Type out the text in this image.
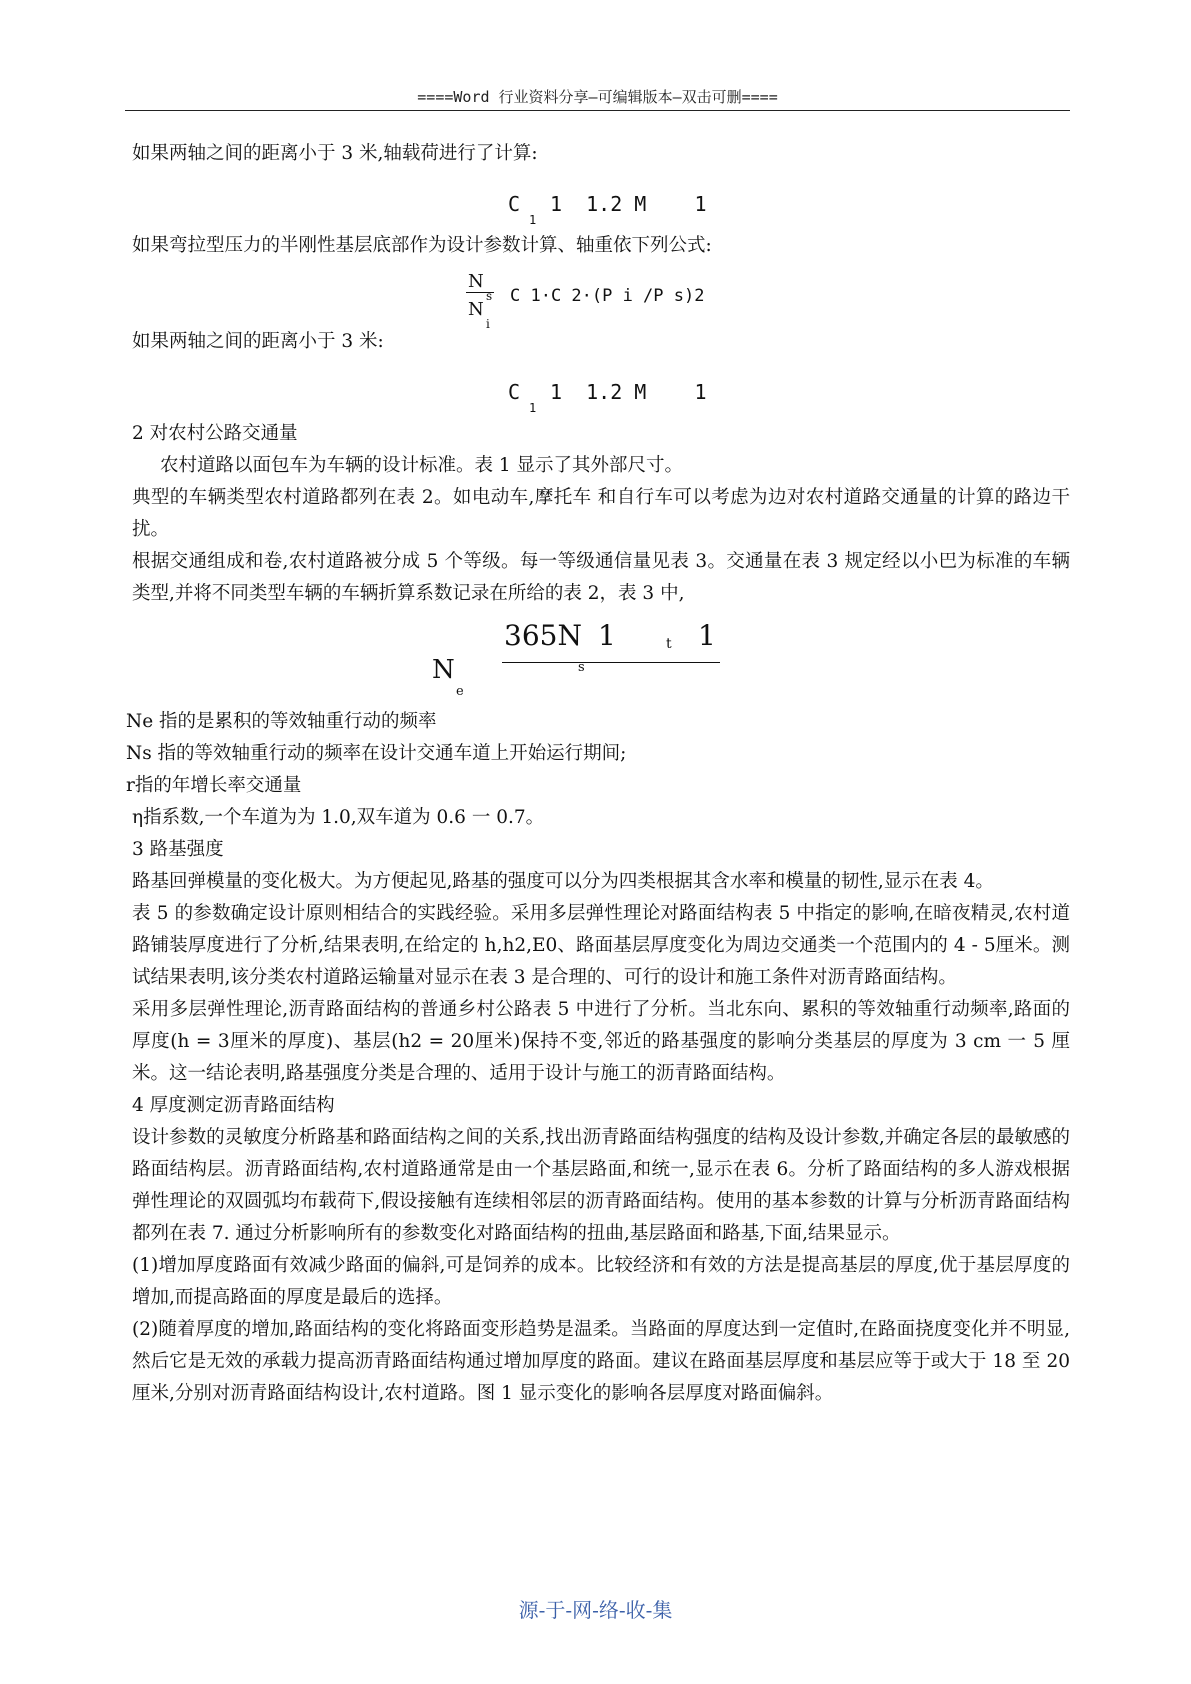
====Word 行业资料分享—可编辑版本—双击可删====

如果两轴之间的距离小于 3 米,轴载荷进行了计算:

C
1
1  1.2 M    1

如果弯拉型压力的半刚性基层底部作为设计参数计算、轴重依下列公式:

N
s
N
i
C 1·C 2·(P i /P s)2

如果两轴之间的距离小于 3 米:

C
1
1  1.2 M    1

2 对农村公路交通量

农村道路以面包车为车辆的设计标准。表 1 显示了其外部尺寸。

典型的车辆类型农村道路都列在表 2。如电动车,摩托车 和自行车可以考虑为边对农村道路交通量的计算的路边干扰。

根据交通组成和卷,农村道路被分成 5 个等级。每一等级通信量见表 3。交通量在表 3 规定经以小巴为标准的车辆类型,并将不同类型车辆的车辆折算系数记录在所给的表 2，表 3 中,

N
e
365N
s
1	t 1

Ne 指的是累积的等效轴重行动的频率

Ns 指的等效轴重行动的频率在设计交通车道上开始运行期间;

r指的年增长率交通量

η指系数,一个车道为为 1.0,双车道为 0.6 一 0.7。

3 路基强度

路基回弹模量的变化极大。为方便起见,路基的强度可以分为四类根据其含水率和模量的韧性,显示在表 4。

表 5 的参数确定设计原则相结合的实践经验。采用多层弹性理论对路面结构表 5 中指定的影响,在暗夜精灵,农村道路铺装厚度进行了分析,结果表明,在给定的 h,h2,E0、路面基层厚度变化为周边交通类一个范围内的 4 - 5厘米。测试结果表明,该分类农村道路运输量对显示在表 3 是合理的、可行的设计和施工条件对沥青路面结构。

采用多层弹性理论,沥青路面结构的普通乡村公路表 5 中进行了分析。当北东向、累积的等效轴重行动频率,路面的厚度(h = 3厘米的厚度)、基层(h2 = 20厘米)保持不变,邻近的路基强度的影响分类基层的厚度为 3 cm 一 5 厘米。这一结论表明,路基强度分类是合理的、适用于设计与施工的沥青路面结构。

4 厚度测定沥青路面结构

设计参数的灵敏度分析路基和路面结构之间的关系,找出沥青路面结构强度的结构及设计参数,并确定各层的最敏感的路面结构层。沥青路面结构,农村道路通常是由一个基层路面,和统一,显示在表 6。分析了路面结构的多人游戏根据弹性理论的双圆弧均布载荷下,假设接触有连续相邻层的沥青路面结构。使用的基本参数的计算与分析沥青路面结构都列在表 7. 通过分析影响所有的参数变化对路面结构的扭曲,基层路面和路基,下面,结果显示。

(1)增加厚度路面有效减少路面的偏斜,可是饲养的成本。比较经济和有效的方法是提高基层的厚度,优于基层厚度的增加,而提高路面的厚度是最后的选择。

(2)随着厚度的增加,路面结构的变化将路面变形趋势是温柔。当路面的厚度达到一定值时,在路面挠度变化并不明显,然后它是无效的承载力提高沥青路面结构通过增加厚度的路面。建议在路面基层厚度和基层应等于或大于 18 至 20 厘米,分别对沥青路面结构设计,农村道路。图 1 显示变化的影响各层厚度对路面偏斜。

源-于-网-络-收-集
